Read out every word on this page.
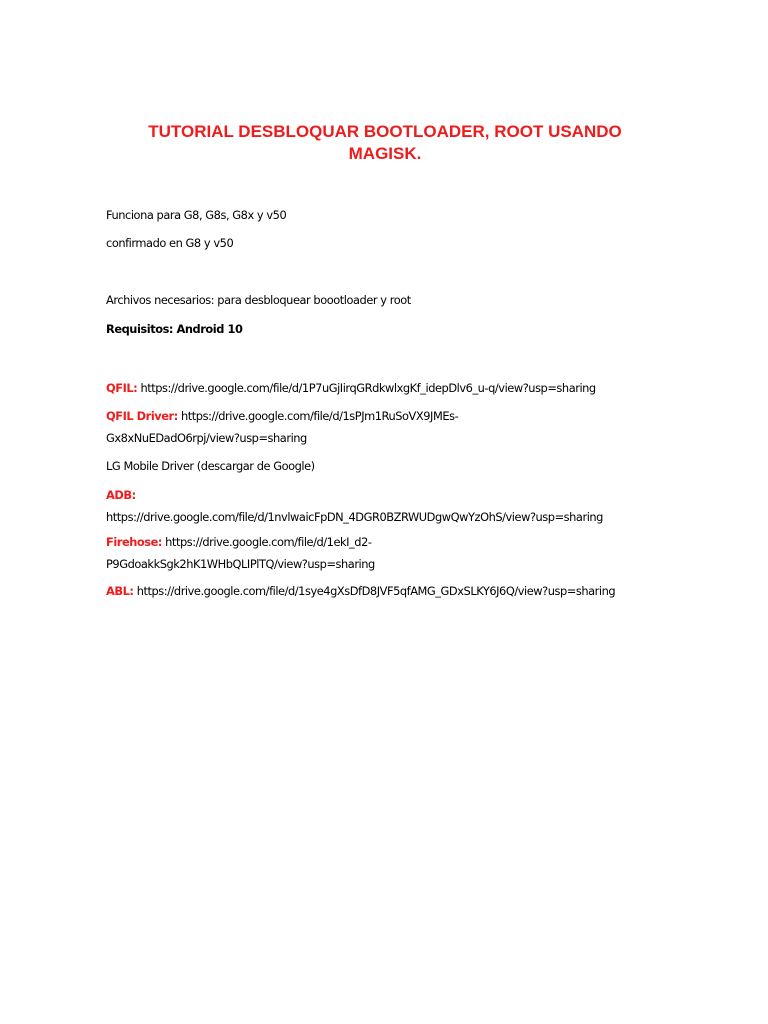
TUTORIAL DESBLOQUAR BOOTLOADER, ROOT USANDO
MAGISK.

Funciona para G8, G8s, G8x y v50

confirmado en G8 y v50

Archivos necesarios: para desbloquear boootloader y root

Requisitos: Android 10

QFIL: https://drive.google.com/file/d/1P7uGjIirqGRdkwlxgKf_idepDlv6_u-q/view?usp=sharing

QFIL Driver: https://drive.google.com/file/d/1sPJm1RuSoVX9JMEs-
Gx8xNuEDadO6rpj/view?usp=sharing

LG Mobile Driver (descargar de Google)

ADB:
https://drive.google.com/file/d/1nvlwaicFpDN_4DGR0BZRWUDgwQwYzOhS/view?usp=sharing

Firehose: https://drive.google.com/file/d/1ekI_d2-
P9GdoakkSgk2hK1WHbQLIPlTQ/view?usp=sharing

ABL: https://drive.google.com/file/d/1sye4gXsDfD8JVF5qfAMG_GDxSLKY6J6Q/view?usp=sharing
